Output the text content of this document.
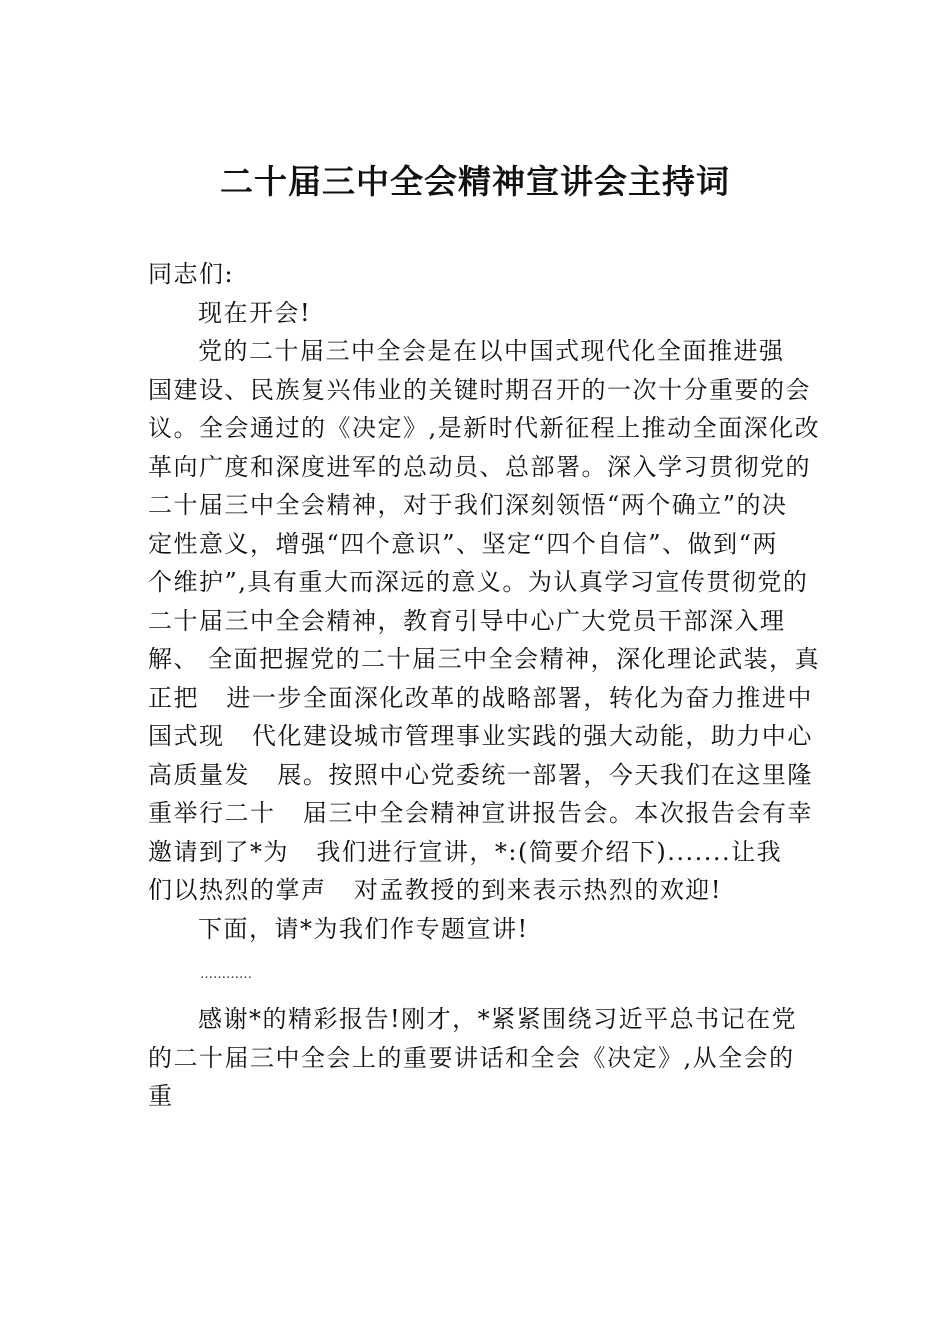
二十届三中全会精神宣讲会主持词

同志们:

现在开会!

党的二十届三中全会是在以中国式现代化全面推进强
国建设、民族复兴伟业的关键时期召开的一次十分重要的会
议。全会通过的《决定》,是新时代新征程上推动全面深化改
革向广度和深度进军的总动员、总部署。深入学习贯彻党的
二十届三中全会精神，对于我们深刻领悟“两个确立”的决
定性意义，增强“四个意识”、坚定“四个自信”、做到“两
个维护”,具有重大而深远的意义。为认真学习宣传贯彻党的
二十届三中全会精神，教育引导中心广大党员干部深入理
解、 全面把握党的二十届三中全会精神，深化理论武装，真
正把   进一步全面深化改革的战略部署，转化为奋力推进中
国式现   代化建设城市管理事业实践的强大动能，助力中心
高质量发   展。按照中心党委统一部署，今天我们在这里隆
重举行二十   届三中全会精神宣讲报告会。本次报告会有幸
邀请到了*为   我们进行宣讲，*:(简要介绍下).......让我
们以热烈的掌声   对孟教授的到来表示热烈的欢迎!

下面，请*为我们作专题宣讲!

…………

感谢*的精彩报告!刚才，*紧紧围绕习近平总书记在党
的二十届三中全会上的重要讲话和全会《决定》,从全会的
重
